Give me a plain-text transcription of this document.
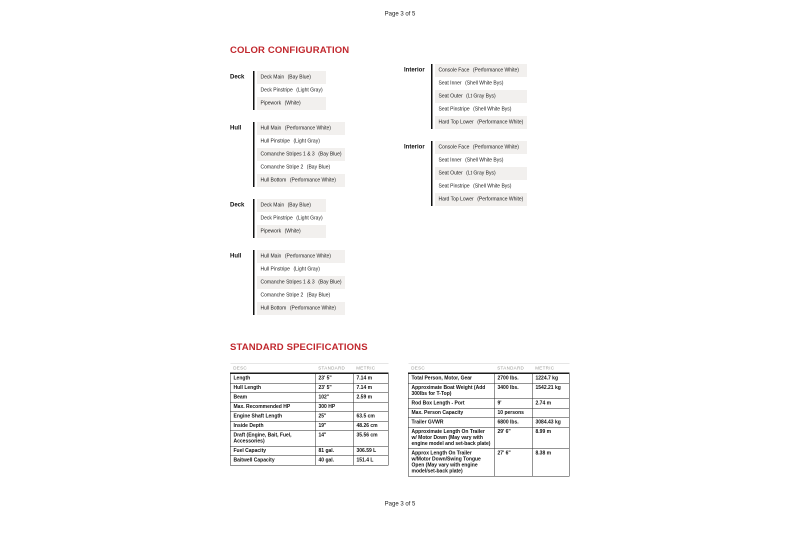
Page 3 of 5
COLOR CONFIGURATION
Deck	Deck Main (Bay Blue)
Deck Pinstripe (Light Gray)
Pipework (White)
Hull	Hull Main (Performance White)
Hull Pinstripe (Light Gray)
Comanche Stripes 1 & 3 (Bay Blue)
Comanche Stripe 2 (Bay Blue)
Hull Bottom (Performance White)
Deck	Deck Main (Bay Blue)
Deck Pinstripe (Light Gray)
Pipework (White)
Hull	Hull Main (Performance White)
Hull Pinstripe (Light Gray)
Comanche Stripes 1 & 3 (Bay Blue)
Comanche Stripe 2 (Bay Blue)
Hull Bottom (Performance White)
Interior	Console Face (Performance White)
Seat Inner (Shell White Bys)
Seat Outer (Lt Gray Bys)
Seat Pinstripe (Shell White Bys)
Hard Top Lower (Performance White)
Interior	Console Face (Performance White)
Seat Inner (Shell White Bys)
Seat Outer (Lt Gray Bys)
Seat Pinstripe (Shell White Bys)
Hard Top Lower (Performance White)
STANDARD SPECIFICATIONS
DESC	STANDARD	METRIC
Length	23' 5"	7.14 m
Hull Length	23' 5"	7.14 m
Beam	102"	2.59 m
Max. Recommended HP	300 HP	
Engine Shaft Length	25"	63.5 cm
Inside Depth	19"	48.26 cm
Draft (Engine, Bait, Fuel, Accessories)	14"	35.56 cm
Fuel Capacity	81 gal.	306.59 L
Baitwell Capacity	40 gal.	151.4 L
DESC	STANDARD	METRIC
Total Person, Motor, Gear	2700 lbs.	1224.7 kg
Approximate Boat Weight (Add 300lbs for T-Top)	3400 lbs.	1542.21 kg
Rod Box Length - Port	9'	2.74 m
Max. Person Capacity	10 persons	
Trailer GVWR	6800 lbs.	3084.43 kg
Approximate Length On Trailer w/ Motor Down (May vary with engine model and set-back plate)	29' 6"	8.99 m
Approx Length On Trailer w/Motor Down/Swing Tongue Open (May vary with engine model/set-back plate)	27' 6"	8.38 m
Page 3 of 5
